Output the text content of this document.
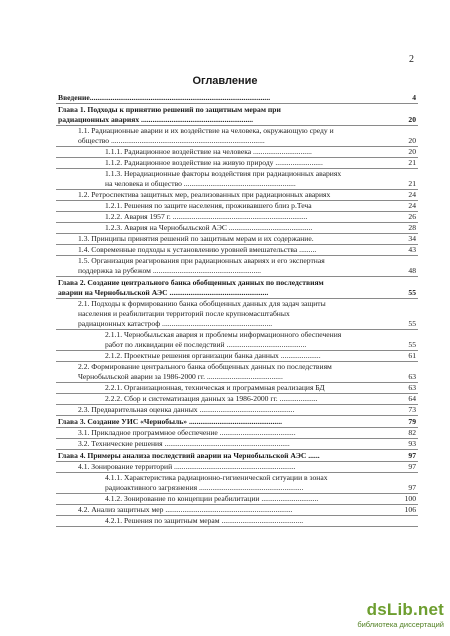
2
Оглавление
Введение...............................................................................................	4
Глава 1. Подходы к принятию решений по защитным мерам при
радиационных авариях ...........................................................	20
1.1. Радиационные аварии и их воздействие на человека, окружающую среду и
общество .................................................................................	20
1.1.1. Радиационное воздействие на человека ...............................	20
1.1.2. Радиационное воздействие на живую природу .........................	21
1.1.3. Нерадиационные факторы воздействия при радиационных авариях
на человека и общество ...........................................................	21
1.2. Ретроспектива защитных мер, реализованных при радиационных авариях	24
1.2.1. Решения по защите населения, проживавшего близ р.Теча	24
1.2.2. Авария 1957 г. .......................................................................	26
1.2.3. Авария на Чернобыльской АЭС ............................................	28
1.3. Принципы принятия решений по защитным мерам и их содержание.	34
1.4. Современные подходы к установлению уровней вмешательства .........	43
1.5. Организация реагирования при радиационных авариях и его экспертная
поддержка за рубежом .........................................................	48
Глава 2. Создание центрального банка обобщенных данных по последствиям
аварии на Чернобыльской АЭС ....................................................	55
2.1. Подходы к формированию банка обобщенных данных для задач защиты
населения и реабилитации территорий после крупномасштабных
радиационных катастроф ..........................................................	55
2.1.1. Чернобыльская авария и проблемы информационного обеспечения
работ по ликвидации её последствий ..........................................	55
2.1.2. Проектные решения организации банка данных .....................	61
2.2. Формирование центрального банка обобщенных данных по последствиям
Чернобыльской аварии за 1986-2000 гг. ........................................	63
2.2.1. Организационная, техническая и программная реализация БД	63
2.2.2. Сбор и систематизация данных за 1986-2000 гг. ....................	64
2.3. Предварительная оценка данных ..................................................	73
Глава 3. Создание УИС «Чернобыль» .................................................	79
3.1. Прикладное программное обеспечение ........................................	82
3.2. Технические решения ..................................................................	93
Глава 4. Примеры анализа последствий аварии на Чернобыльской АЭС ......	97
4.1. Зонирование территорий ................................................................	97
4.1.1. Характеристика радиационно-гигиенической ситуации в зонах
радиоактивного загрязнения .......................................................	97
4.1.2. Зонирование по концепции реабилитации ..............................	100
4.2. Анализ защитных мер ...................................................................	106
4.2.1. Решения по защитным мерам ...........................................
dsLib.net
библиотека диссертаций
